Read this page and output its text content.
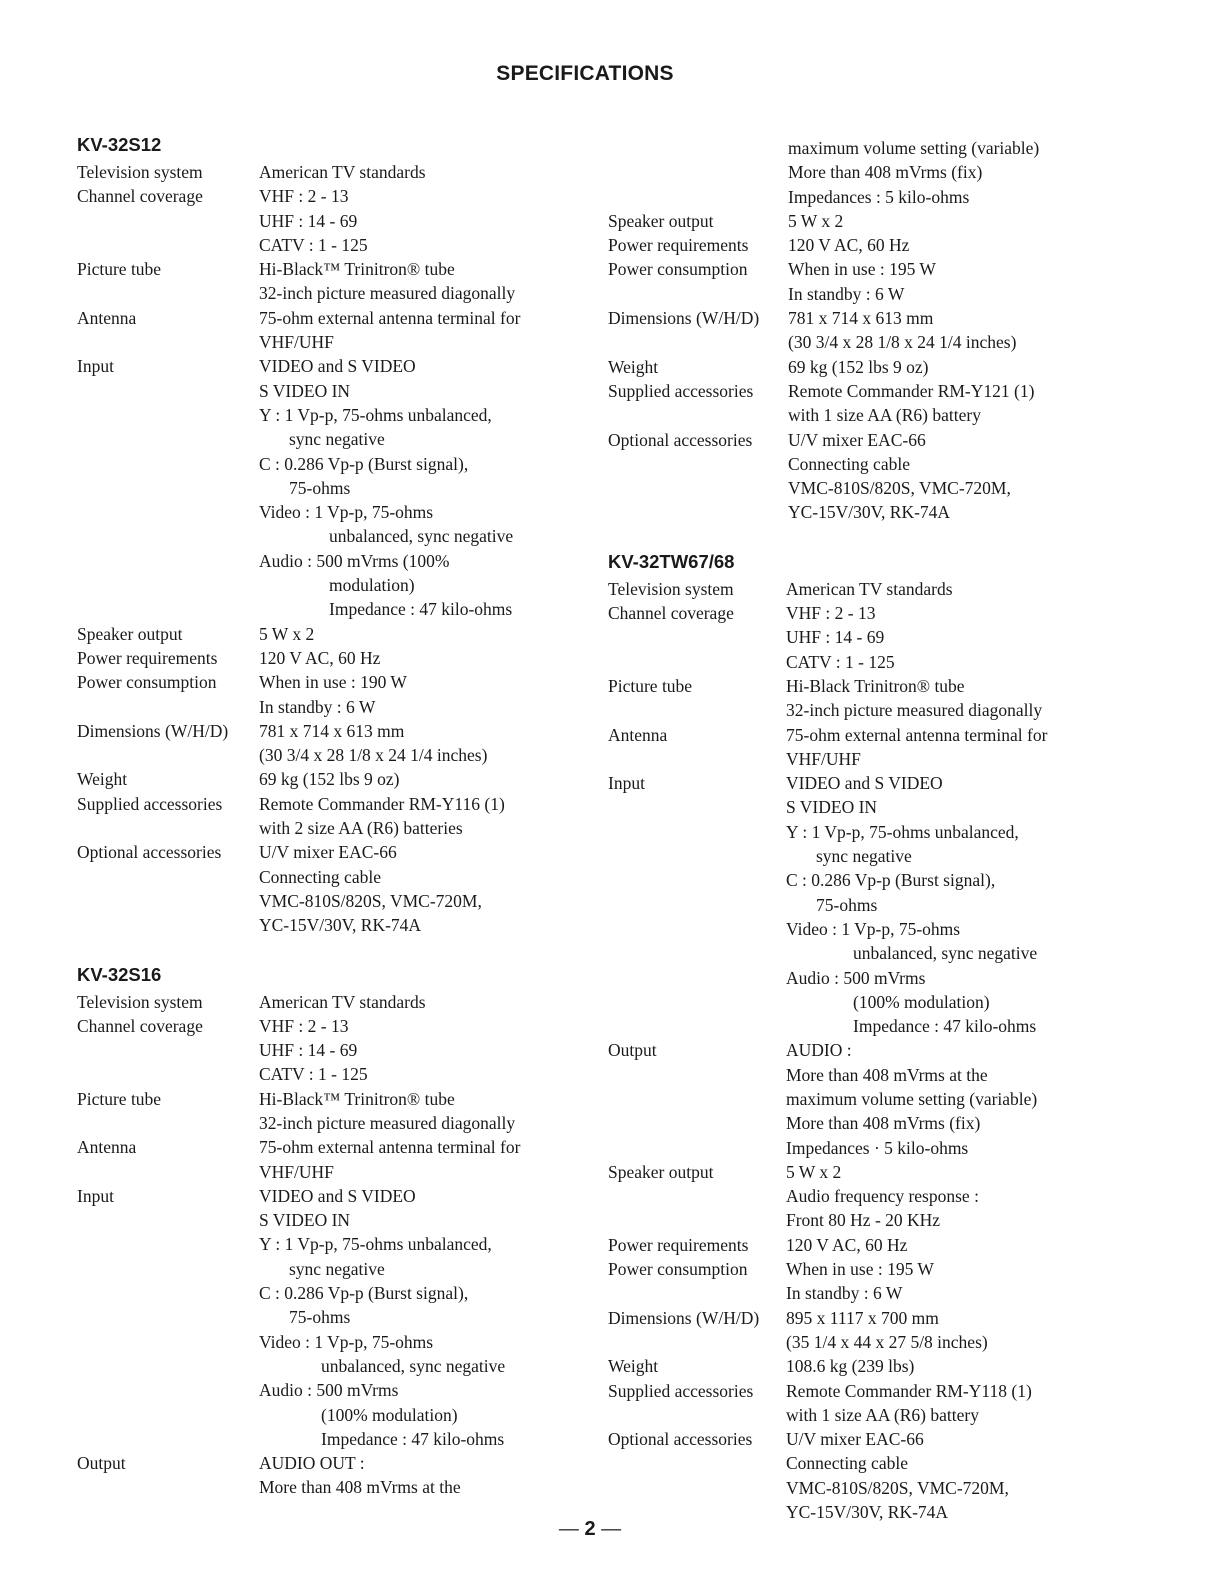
SPECIFICATIONS
KV-32S12
Television system	American TV standards
Channel coverage	VHF : 2 - 13
UHF : 14 - 69
CATV : 1 - 125
Picture tube	Hi-Black™ Trinitron® tube
32-inch picture measured diagonally
Antenna	75-ohm external antenna terminal for
VHF/UHF
Input	VIDEO and S VIDEO
S VIDEO IN
Y : 1 Vp-p, 75-ohms unbalanced,
sync negative
C : 0.286 Vp-p (Burst signal),
75-ohms
Video : 1 Vp-p, 75-ohms
unbalanced, sync negative
Audio : 500 mVrms (100%
modulation)
Impedance : 47 kilo-ohms
Speaker output	5 W x 2
Power requirements	120 V AC, 60 Hz
Power consumption	When in use : 190 W
In standby : 6 W
Dimensions (W/H/D)	781 x 714 x 613 mm
(30 3/4 x 28 1/8 x 24 1/4 inches)
Weight	69 kg (152 lbs 9 oz)
Supplied accessories	Remote Commander RM-Y116 (1)
with 2 size AA (R6) batteries
Optional accessories	U/V mixer EAC-66
Connecting cable
VMC-810S/820S, VMC-720M,
YC-15V/30V, RK-74A
KV-32S16
Television system	American TV standards
Channel coverage	VHF : 2 - 13
UHF : 14 - 69
CATV : 1 - 125
Picture tube	Hi-Black™ Trinitron® tube
32-inch picture measured diagonally
Antenna	75-ohm external antenna terminal for
VHF/UHF
Input	VIDEO and S VIDEO
S VIDEO IN
Y : 1 Vp-p, 75-ohms unbalanced,
sync negative
C : 0.286 Vp-p (Burst signal),
75-ohms
Video : 1 Vp-p, 75-ohms
unbalanced, sync negative
Audio : 500 mVrms
(100% modulation)
Impedance : 47 kilo-ohms
Output	AUDIO OUT :
More than 408 mVrms at the
maximum volume setting (variable)
More than 408 mVrms (fix)
Impedances : 5 kilo-ohms
Speaker output	5 W x 2
Power requirements	120 V AC, 60 Hz
Power consumption	When in use : 195 W
In standby : 6 W
Dimensions (W/H/D)	781 x 714 x 613 mm
(30 3/4 x 28 1/8 x 24 1/4 inches)
Weight	69 kg (152 lbs 9 oz)
Supplied accessories	Remote Commander RM-Y121 (1)
with 1 size AA (R6) battery
Optional accessories	U/V mixer EAC-66
Connecting cable
VMC-810S/820S, VMC-720M,
YC-15V/30V, RK-74A
KV-32TW67/68
Television system	American TV standards
Channel coverage	VHF : 2 - 13
UHF : 14 - 69
CATV : 1 - 125
Picture tube	Hi-Black Trinitron® tube
32-inch picture measured diagonally
Antenna	75-ohm external antenna terminal for
VHF/UHF
Input	VIDEO and S VIDEO
S VIDEO IN
Y : 1 Vp-p, 75-ohms unbalanced,
sync negative
C : 0.286 Vp-p (Burst signal),
75-ohms
Video : 1 Vp-p, 75-ohms
unbalanced, sync negative
Audio : 500 mVrms
(100% modulation)
Impedance : 47 kilo-ohms
Output	AUDIO :
More than 408 mVrms at the
maximum volume setting (variable)
More than 408 mVrms (fix)
Impedances · 5 kilo-ohms
Speaker output	5 W x 2
Audio frequency response :
Front 80 Hz - 20 KHz
Power requirements	120 V AC, 60 Hz
Power consumption	When in use : 195 W
In standby : 6 W
Dimensions (W/H/D)	895 x 1117 x 700 mm
(35 1/4 x 44 x 27 5/8 inches)
Weight	108.6 kg (239 lbs)
Supplied accessories	Remote Commander RM-Y118 (1)
with 1 size AA (R6) battery
Optional accessories	U/V mixer EAC-66
Connecting cable
VMC-810S/820S, VMC-720M,
YC-15V/30V, RK-74A
— 2 —
